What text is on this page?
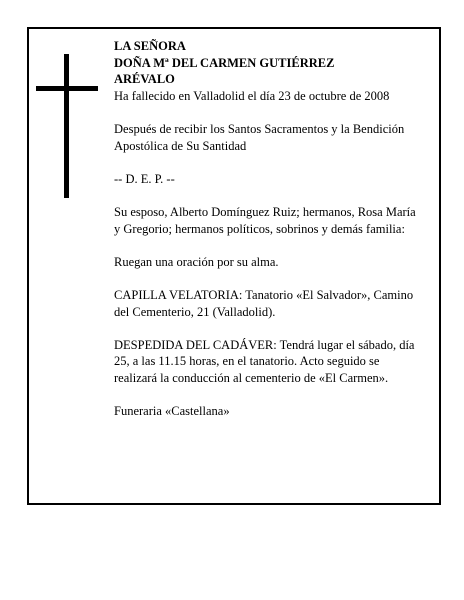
LA SEÑORA

DOÑA Mª DEL CARMEN GUTIÉRREZ

ARÉVALO

Ha fallecido en Valladolid el día 23 de octubre de 2008

Después de recibir los Santos Sacramentos y la Bendición Apostólica de Su Santidad

-- D. E. P. --

Su esposo, Alberto Domínguez Ruiz; hermanos, Rosa María y Gregorio; hermanos políticos, sobrinos y demás familia:

Ruegan una oración por su alma.

CAPILLA VELATORIA: Tanatorio «El Salvador», Camino del Cementerio, 21 (Valladolid).

DESPEDIDA DEL CADÁVER: Tendrá lugar el sábado, día 25, a las 11.15 horas, en el tanatorio. Acto seguido se realizará la conducción al cementerio de «El Carmen».

Funeraria «Castellana»
